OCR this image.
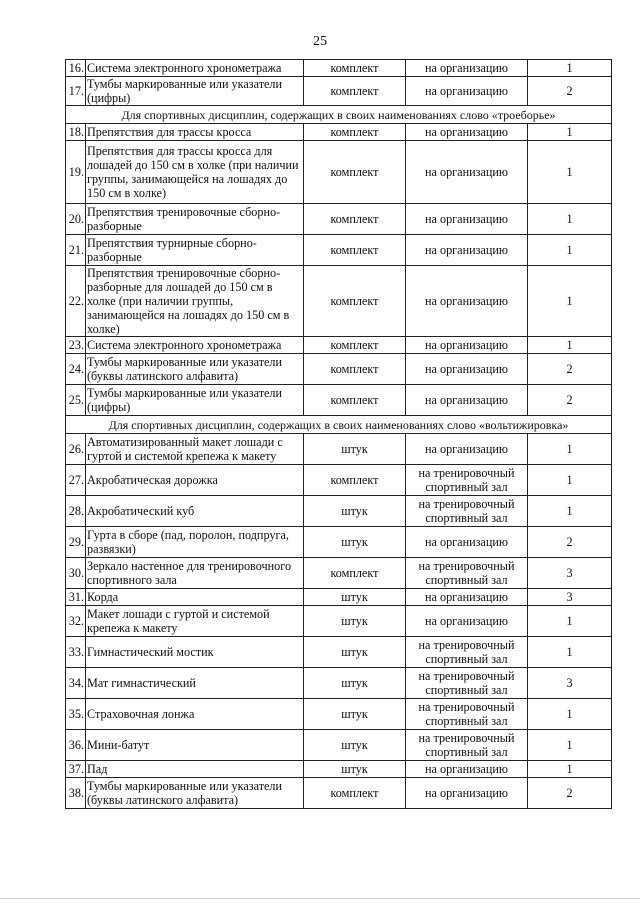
25
16.	Система электронного хронометража	комплект	на организацию	1
17.	Тумбы маркированные или указатели (цифры)	комплект	на организацию	2
Для спортивных дисциплин, содержащих в своих наименованиях слово «троеборье»				
18.	Препятствия для трассы кросса	комплект	на организацию	1
19.	Препятствия для трассы кросса для лошадей до 150 см в холке (при наличии группы, занимающейся на лошадях до 150 см в холке)	комплект	на организацию	1
20.	Препятствия тренировочные сборно-разборные	комплект	на организацию	1
21.	Препятствия турнирные сборно-разборные	комплект	на организацию	1
22.	Препятствия тренировочные сборно-разборные для лошадей до 150 см в холке (при наличии группы, занимающейся на лошадях до 150 см в холке)	комплект	на организацию	1
23.	Система электронного хронометража	комплект	на организацию	1
24.	Тумбы маркированные или указатели (буквы латинского алфавита)	комплект	на организацию	2
25.	Тумбы маркированные или указатели (цифры)	комплект	на организацию	2
Для спортивных дисциплин, содержащих в своих наименованиях слово «вольтижировка»				
26.	Автоматизированный макет лошади с гуртой и системой крепежа к макету	штук	на организацию	1
27.	Акробатическая дорожка	комплект	на тренировочный спортивный зал	1
28.	Акробатический куб	штук	на тренировочный спортивный зал	1
29.	Гурта в сборе (пад, поролон, подпруга, развязки)	штук	на организацию	2
30.	Зеркало настенное для тренировочного спортивного зала	комплект	на тренировочный спортивный зал	3
31.	Корда	штук	на организацию	3
32.	Макет лошади с гуртой и системой крепежа к макету	штук	на организацию	1
33.	Гимнастический мостик	штук	на тренировочный спортивный зал	1
34.	Мат гимнастический	штук	на тренировочный спортивный зал	3
35.	Страховочная лонжа	штук	на тренировочный спортивный зал	1
36.	Мини-батут	штук	на тренировочный спортивный зал	1
37.	Пад	штук	на организацию	1
38.	Тумбы маркированные или указатели (буквы латинского алфавита)	комплект	на организацию	2
